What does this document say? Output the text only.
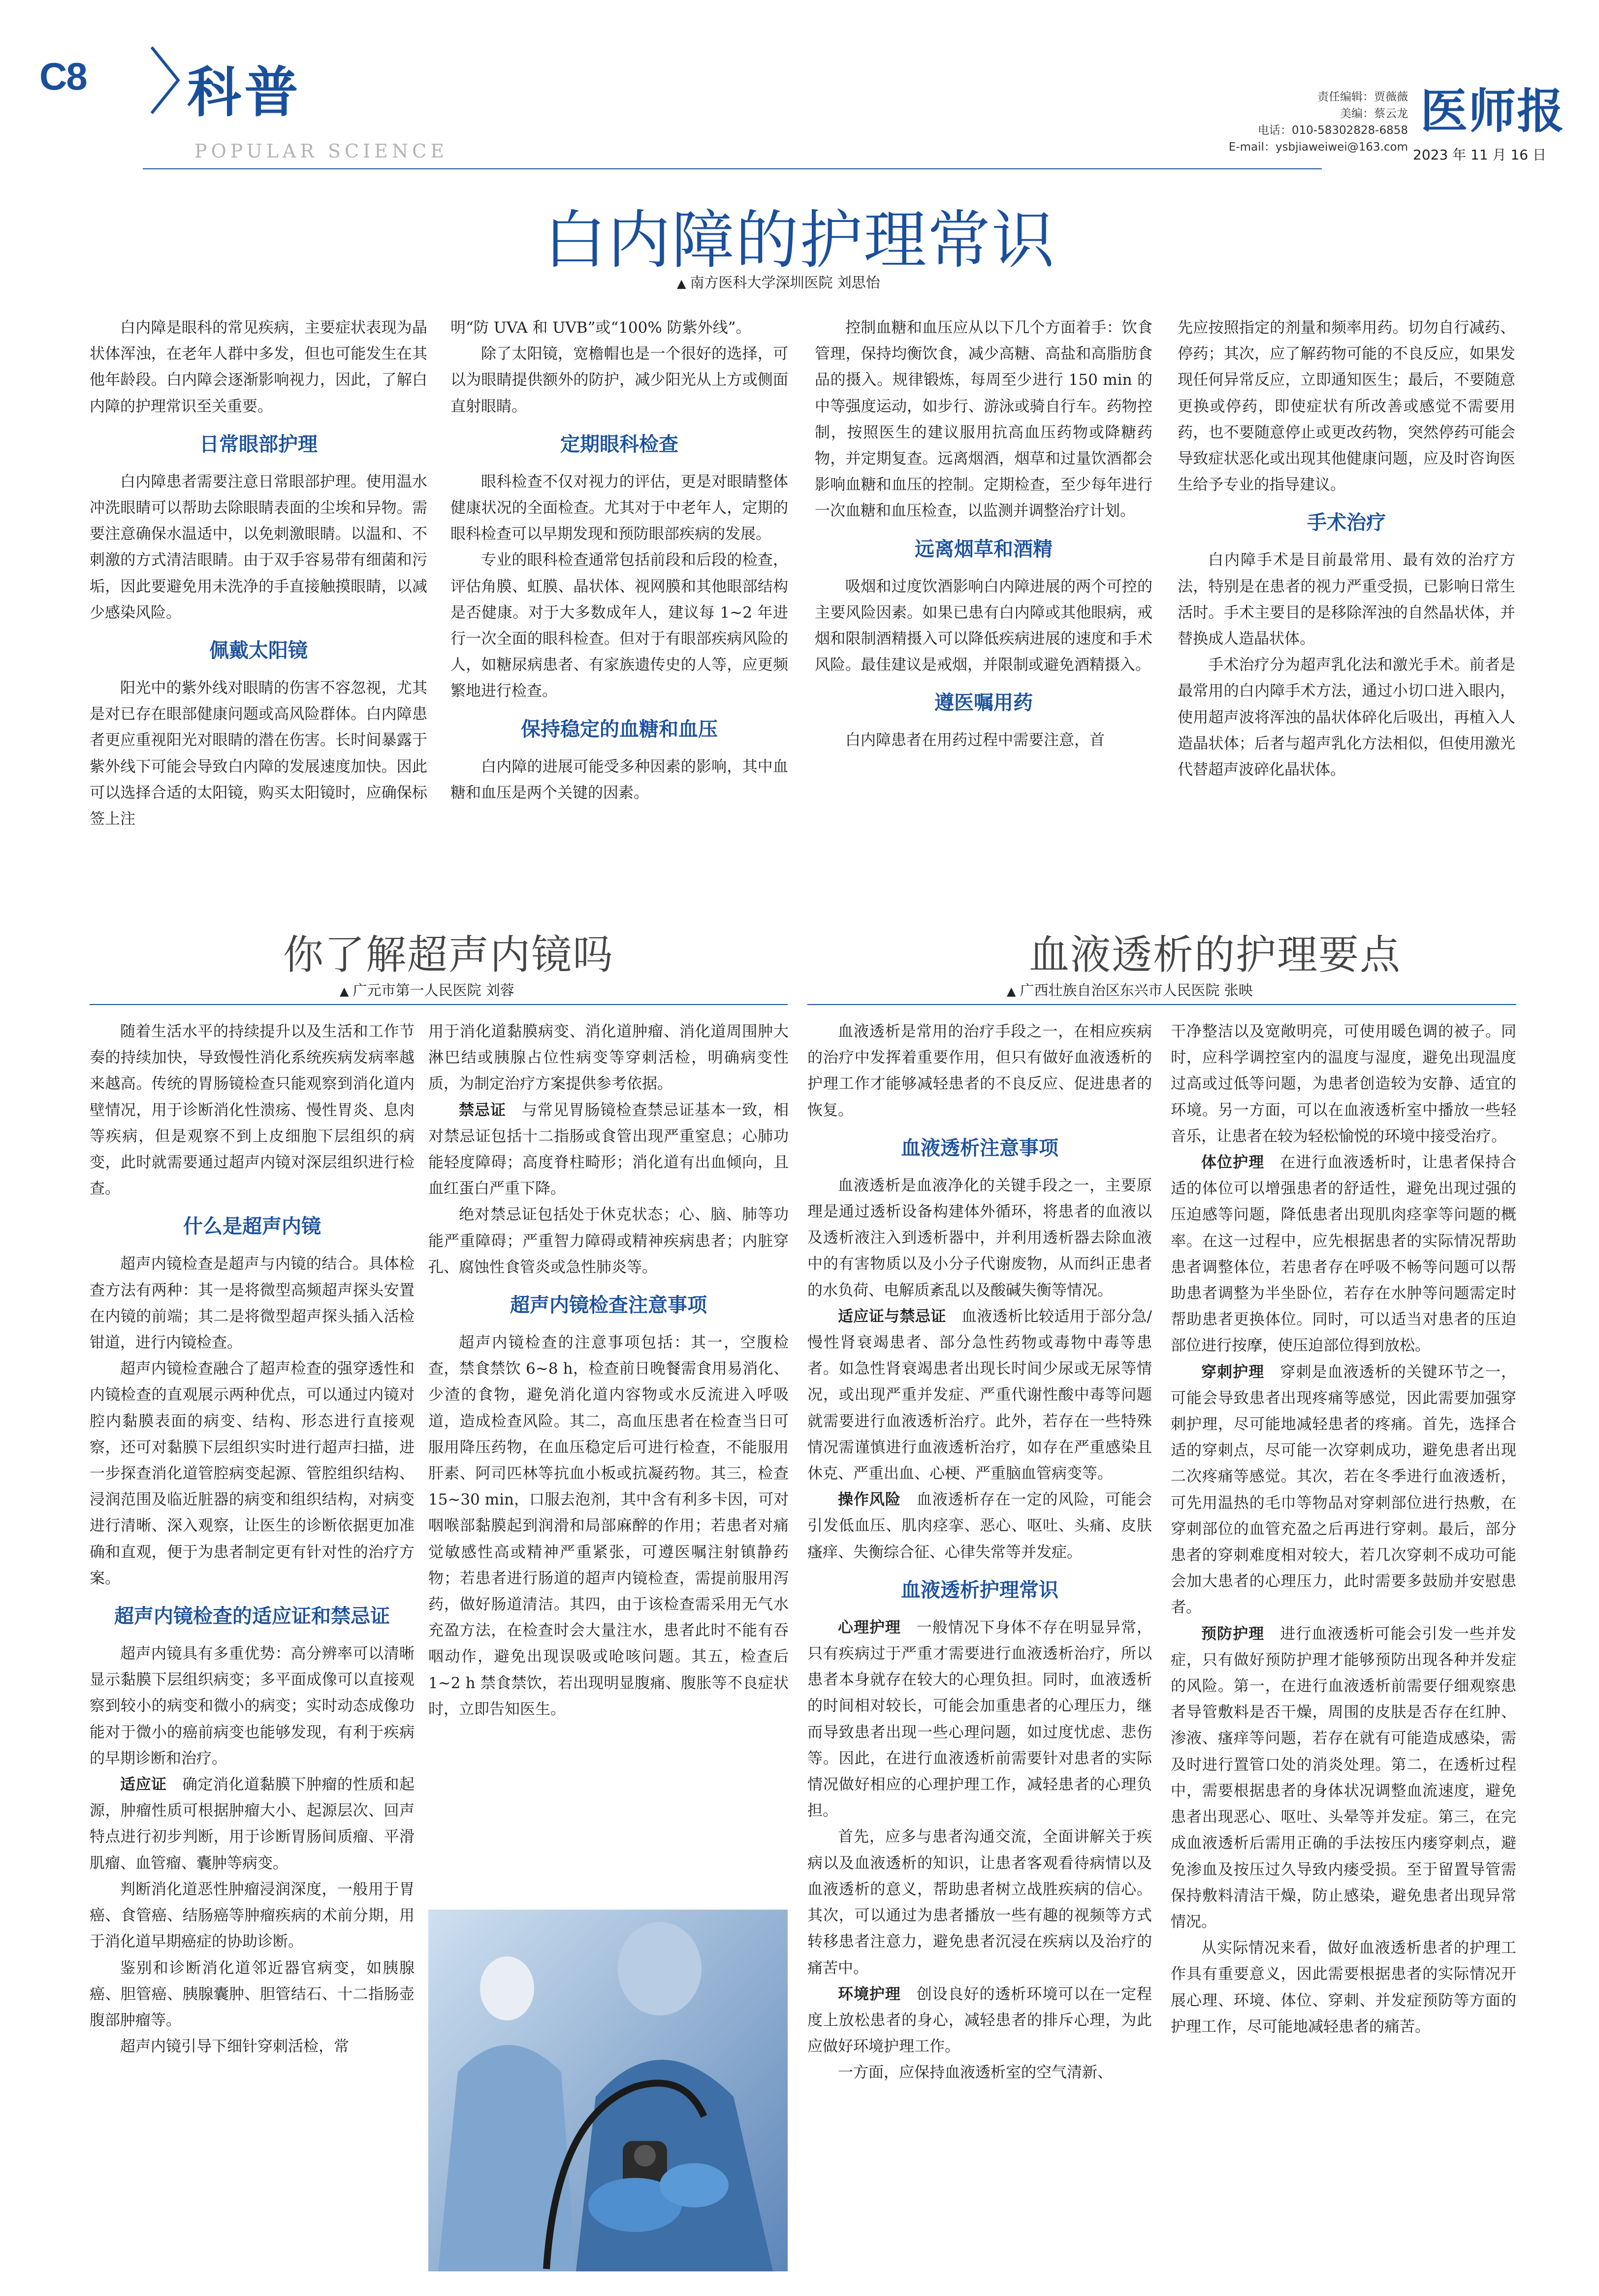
C8 科普
POPULAR SCIENCE
责任编辑：贾薇薇
美编：蔡云龙
电话：010-58302828-6858
E-mail：ysbjiaweiwei@163.com
医师报
2023 年 11 月 16 日
白内障的护理常识
▲ 南方医科大学深圳医院 刘思怡

白内障是眼科的常见疾病，主要症状表现为晶状体浑浊，在老年人群中多发，但也可能发生在其他年龄段。白内障会逐渐影响视力，因此，了解白内障的护理常识至关重要。

日常眼部护理

白内障患者需要注意日常眼部护理。使用温水冲洗眼睛可以帮助去除眼睛表面的尘埃和异物。需要注意确保水温适中，以免刺激眼睛。以温和、不刺激的方式清洁眼睛。由于双手容易带有细菌和污垢，因此要避免用未洗净的手直接触摸眼睛，以减少感染风险。

佩戴太阳镜

阳光中的紫外线对眼睛的伤害不容忽视，尤其是对已存在眼部健康问题或高风险群体。白内障患者更应重视阳光对眼睛的潜在伤害。长时间暴露于紫外线下可能会导致白内障的发展速度加快。因此可以选择合适的太阳镜，购买太阳镜时，应确保标签上注

明“防 UVA 和 UVB”或“100% 防紫外线”。

除了太阳镜，宽檐帽也是一个很好的选择，可以为眼睛提供额外的防护，减少阳光从上方或侧面直射眼睛。

定期眼科检查

眼科检查不仅对视力的评估，更是对眼睛整体健康状况的全面检查。尤其对于中老年人，定期的眼科检查可以早期发现和预防眼部疾病的发展。

专业的眼科检查通常包括前段和后段的检查，评估角膜、虹膜、晶状体、视网膜和其他眼部结构是否健康。对于大多数成年人，建议每 1~2 年进行一次全面的眼科检查。但对于有眼部疾病风险的人，如糖尿病患者、有家族遗传史的人等，应更频繁地进行检查。

保持稳定的血糖和血压

白内障的进展可能受多种因素的影响，其中血糖和血压是两个关键的因素。

控制血糖和血压应从以下几个方面着手：饮食管理，保持均衡饮食，减少高糖、高盐和高脂肪食品的摄入。规律锻炼，每周至少进行 150 min 的中等强度运动，如步行、游泳或骑自行车。药物控制，按照医生的建议服用抗高血压药物或降糖药物，并定期复查。远离烟酒，烟草和过量饮酒都会影响血糖和血压的控制。定期检查，至少每年进行一次血糖和血压检查，以监测并调整治疗计划。

远离烟草和酒精

吸烟和过度饮酒影响白内障进展的两个可控的主要风险因素。如果已患有白内障或其他眼病，戒烟和限制酒精摄入可以降低疾病进展的速度和手术风险。最佳建议是戒烟，并限制或避免酒精摄入。

遵医嘱用药

白内障患者在用药过程中需要注意，首

先应按照指定的剂量和频率用药。切勿自行减药、停药；其次，应了解药物可能的不良反应，如果发现任何异常反应，立即通知医生；最后，不要随意更换或停药，即使症状有所改善或感觉不需要用药，也不要随意停止或更改药物，突然停药可能会导致症状恶化或出现其他健康问题，应及时咨询医生给予专业的指导建议。

手术治疗

白内障手术是目前最常用、最有效的治疗方法，特别是在患者的视力严重受损，已影响日常生活时。手术主要目的是移除浑浊的自然晶状体，并替换成人造晶状体。

手术治疗分为超声乳化法和激光手术。前者是最常用的白内障手术方法，通过小切口进入眼内，使用超声波将浑浊的晶状体碎化后吸出，再植入人造晶状体；后者与超声乳化方法相似，但使用激光代替超声波碎化晶状体。

你了解超声内镜吗
▲ 广元市第一人民医院 刘蓉

随着生活水平的持续提升以及生活和工作节奏的持续加快，导致慢性消化系统疾病发病率越来越高。传统的胃肠镜检查只能观察到消化道内壁情况，用于诊断消化性溃疡、慢性胃炎、息肉等疾病，但是观察不到上皮细胞下层组织的病变，此时就需要通过超声内镜对深层组织进行检查。

什么是超声内镜

超声内镜检查是超声与内镜的结合。具体检查方法有两种：其一是将微型高频超声探头安置在内镜的前端；其二是将微型超声探头插入活检钳道，进行内镜检查。

超声内镜检查融合了超声检查的强穿透性和内镜检查的直观展示两种优点，可以通过内镜对腔内黏膜表面的病变、结构、形态进行直接观察，还可对黏膜下层组织实时进行超声扫描，进一步探查消化道管腔病变起源、管腔组织结构、浸润范围及临近脏器的病变和组织结构，对病变进行清晰、深入观察，让医生的诊断依据更加准确和直观，便于为患者制定更有针对性的治疗方案。

超声内镜检查的适应证和禁忌证

超声内镜具有多重优势：高分辨率可以清晰显示黏膜下层组织病变；多平面成像可以直接观察到较小的病变和微小的病变；实时动态成像功能对于微小的癌前病变也能够发现，有利于疾病的早期诊断和治疗。

适应证　 确定消化道黏膜下肿瘤的性质和起源，肿瘤性质可根据肿瘤大小、起源层次、回声特点进行初步判断，用于诊断胃肠间质瘤、平滑肌瘤、血管瘤、囊肿等病变。

判断消化道恶性肿瘤浸润深度，一般用于胃癌、食管癌、结肠癌等肿瘤疾病的术前分期，用于消化道早期癌症的协助诊断。

鉴别和诊断消化道邻近器官病变，如胰腺癌、胆管癌、胰腺囊肿、胆管结石、十二指肠壶腹部肿瘤等。

超声内镜引导下细针穿刺活检，常

用于消化道黏膜病变、消化道肿瘤、消化道周围肿大淋巴结或胰腺占位性病变等穿刺活检，明确病变性质，为制定治疗方案提供参考依据。

禁忌证　 与常见胃肠镜检查禁忌证基本一致，相对禁忌证包括十二指肠或食管出现严重窒息；心肺功能轻度障碍；高度脊柱畸形；消化道有出血倾向，且血红蛋白严重下降。

绝对禁忌证包括处于休克状态；心、脑、肺等功能严重障碍；严重智力障碍或精神疾病患者；内脏穿孔、腐蚀性食管炎或急性肺炎等。

超声内镜检查注意事项

超声内镜检查的注意事项包括：其一，空腹检查，禁食禁饮 6~8 h，检查前日晚餐需食用易消化、少渣的食物，避免消化道内容物或水反流进入呼吸道，造成检查风险。其二，高血压患者在检查当日可服用降压药物，在血压稳定后可进行检查，不能服用肝素、阿司匹林等抗血小板或抗凝药物。其三，检查 15~30 min，口服去泡剂，其中含有利多卡因，可对咽喉部黏膜起到润滑和局部麻醉的作用；若患者对痛觉敏感性高或精神严重紧张，可遵医嘱注射镇静药物；若患者进行肠道的超声内镜检查，需提前服用泻药，做好肠道清洁。其四，由于该检查需采用无气水充盈方法，在检查时会大量注水，患者此时不能有吞咽动作，避免出现误吸或呛咳问题。其五，检查后 1~2 h 禁食禁饮，若出现明显腹痛、腹胀等不良症状时，立即告知医生。

血液透析的护理要点
▲ 广西壮族自治区东兴市人民医院 张映

血液透析是常用的治疗手段之一，在相应疾病的治疗中发挥着重要作用，但只有做好血液透析的护理工作才能够减轻患者的不良反应、促进患者的恢复。

血液透析注意事项

血液透析是血液净化的关键手段之一，主要原理是通过透析设备构建体外循环，将患者的血液以及透析液注入到透析器中，并利用透析器去除血液中的有害物质以及小分子代谢废物，从而纠正患者的水负荷、电解质紊乱以及酸碱失衡等情况。

适应证与禁忌证　 血液透析比较适用于部分急/慢性肾衰竭患者、部分急性药物或毒物中毒等患者。如急性肾衰竭患者出现长时间少尿或无尿等情况，或出现严重并发症、严重代谢性酸中毒等问题就需要进行血液透析治疗。此外，若存在一些特殊情况需谨慎进行血液透析治疗，如存在严重感染且休克、严重出血、心梗、严重脑血管病变等。

操作风险　 血液透析存在一定的风险，可能会引发低血压、肌肉痉挛、恶心、呕吐、头痛、皮肤瘙痒、失衡综合征、心律失常等并发症。

血液透析护理常识

心理护理　 一般情况下身体不存在明显异常，只有疾病过于严重才需要进行血液透析治疗，所以患者本身就存在较大的心理负担。同时，血液透析的时间相对较长，可能会加重患者的心理压力，继而导致患者出现一些心理问题，如过度忧虑、悲伤等。因此，在进行血液透析前需要针对患者的实际情况做好相应的心理护理工作，减轻患者的心理负担。

首先，应多与患者沟通交流，全面讲解关于疾病以及血液透析的知识，让患者客观看待病情以及血液透析的意义，帮助患者树立战胜疾病的信心。其次，可以通过为患者播放一些有趣的视频等方式转移患者注意力，避免患者沉浸在疾病以及治疗的痛苦中。

环境护理　 创设良好的透析环境可以在一定程度上放松患者的身心，减轻患者的排斥心理，为此应做好环境护理工作。

一方面，应保持血液透析室的空气清新、

干净整洁以及宽敞明亮，可使用暖色调的被子。同时，应科学调控室内的温度与湿度，避免出现温度过高或过低等问题，为患者创造较为安静、适宜的环境。另一方面，可以在血液透析室中播放一些轻音乐，让患者在较为轻松愉悦的环境中接受治疗。

体位护理　 在进行血液透析时，让患者保持合适的体位可以增强患者的舒适性，避免出现过强的压迫感等问题，降低患者出现肌肉痉挛等问题的概率。在这一过程中，应先根据患者的实际情况帮助患者调整体位，若患者存在呼吸不畅等问题可以帮助患者调整为半坐卧位，若存在水肿等问题需定时帮助患者更换体位。同时，可以适当对患者的压迫部位进行按摩，使压迫部位得到放松。

穿刺护理　 穿刺是血液透析的关键环节之一，可能会导致患者出现疼痛等感觉，因此需要加强穿刺护理，尽可能地减轻患者的疼痛。首先，选择合适的穿刺点，尽可能一次穿刺成功，避免患者出现二次疼痛等感觉。其次，若在冬季进行血液透析，可先用温热的毛巾等物品对穿刺部位进行热敷，在穿刺部位的血管充盈之后再进行穿刺。最后，部分患者的穿刺难度相对较大，若几次穿刺不成功可能会加大患者的心理压力，此时需要多鼓励并安慰患者。

预防护理　 进行血液透析可能会引发一些并发症，只有做好预防护理才能够预防出现各种并发症的风险。第一，在进行血液透析前需要仔细观察患者导管敷料是否干燥，周围的皮肤是否存在红肿、渗液、瘙痒等问题，若存在就有可能造成感染，需及时进行置管口处的消炎处理。第二，在透析过程中，需要根据患者的身体状况调整血流速度，避免患者出现恶心、呕吐、头晕等并发症。第三，在完成血液透析后需用正确的手法按压内瘘穿刺点，避免渗血及按压过久导致内瘘受损。至于留置导管需保持敷料清洁干燥，防止感染，避免患者出现异常情况。

从实际情况来看，做好血液透析患者的护理工作具有重要意义，因此需要根据患者的实际情况开展心理、环境、体位、穿刺、并发症预防等方面的护理工作，尽可能地减轻患者的痛苦。
